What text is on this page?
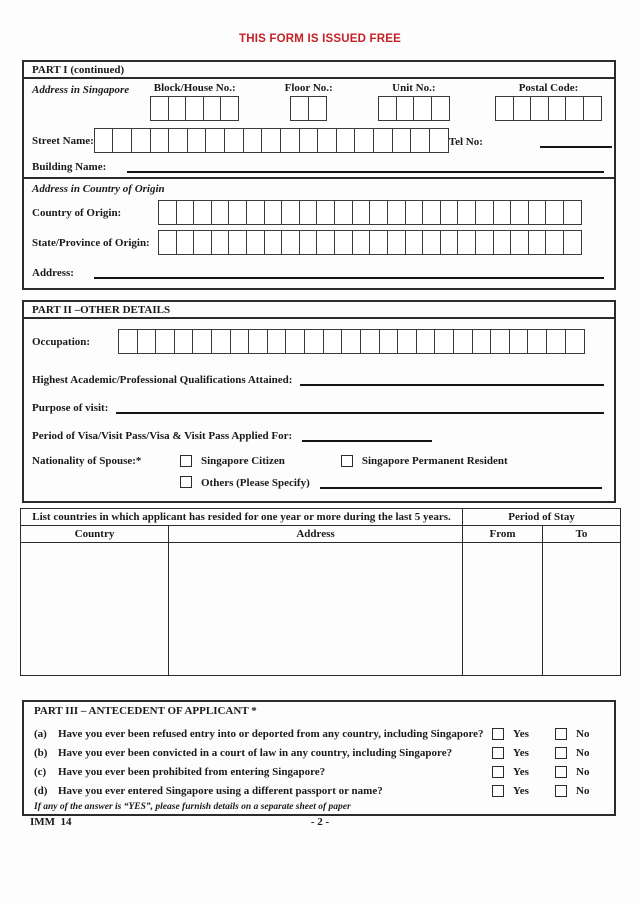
THIS FORM IS ISSUED FREE
PART I (continued)
Address in Singapore	Block/House No.:	Floor No.:	Unit No.:	Postal Code:
Street Name:	Tel No:
Building Name:
Address in Country of Origin
Country of Origin:
State/Province of Origin:
Address:
PART II –OTHER DETAILS
Occupation:
Highest Academic/Professional Qualifications Attained:
Purpose of visit:
Period of Visa/Visit Pass/Visa & Visit Pass Applied For:
Nationality of Spouse:*	Singapore Citizen	Singapore Permanent Resident
Others (Please Specify)
List countries in which applicant has resided for one year or more during the last 5 years.		Period of Stay	
Country	Address	From	To

PART III – ANTECEDENT OF APPLICANT *
(a)	Have you ever been refused entry into or deported from any country, including Singapore?	Yes	No
(b) Have you ever been convicted in a court of law in any country, including Singapore?	Yes	No
(c)	Have you ever been prohibited from entering Singapore?	Yes	No
(d) Have you ever entered Singapore using a different passport or name?	Yes	No
If any of the answer is “YES”, please furnish details on a separate sheet of paper
IMM  14	- 2 -
